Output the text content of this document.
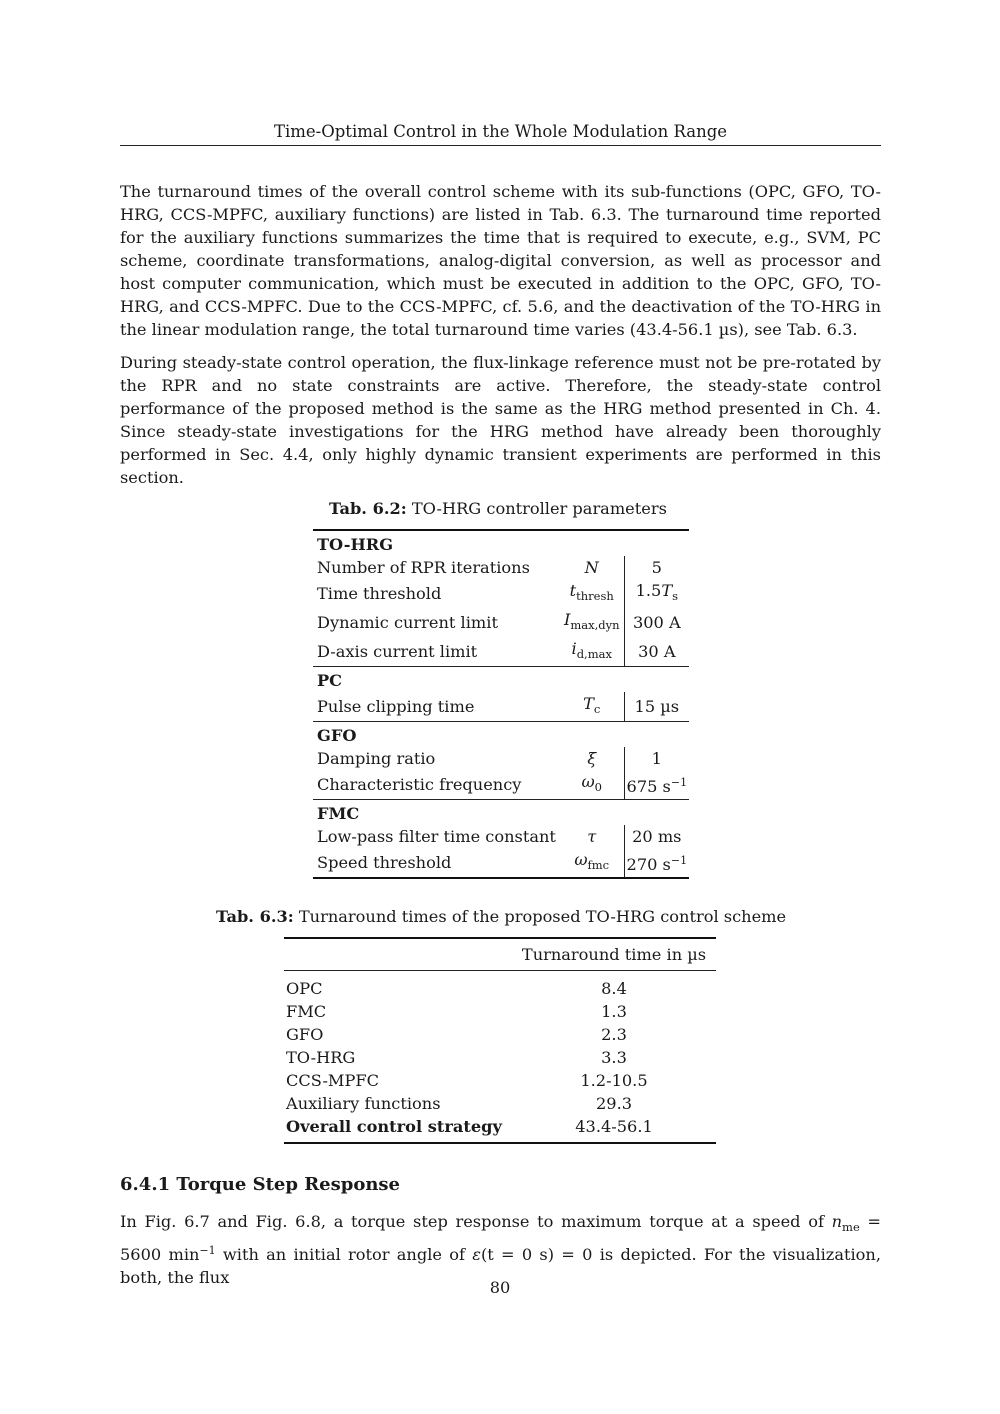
Time-Optimal Control in the Whole Modulation Range

The turnaround times of the overall control scheme with its sub-functions (OPC, GFO, TO-HRG, CCS-MPFC, auxiliary functions) are listed in Tab. 6.3. The turnaround time reported for the auxiliary functions summarizes the time that is required to execute, e.g., SVM, PC scheme, coordinate transformations, analog-digital conversion, as well as processor and host computer communication, which must be executed in addition to the OPC, GFO, TO-HRG, and CCS-MPFC. Due to the CCS-MPFC, cf. 5.6, and the deactivation of the TO-HRG in the linear modulation range, the total turnaround time varies (43.4-56.1 µs), see Tab. 6.3.

During steady-state control operation, the flux-linkage reference must not be pre-rotated by the RPR and no state constraints are active. Therefore, the steady-state control performance of the proposed method is the same as the HRG method presented in Ch. 4. Since steady-state investigations for the HRG method have already been thoroughly performed in Sec. 4.4, only highly dynamic transient experiments are performed in this section.

Tab. 6.2: TO-HRG controller parameters
TO-HRG		
Number of RPR iterations	N	5
Time threshold	$t_{thresh}$	$1.5T_s$
Dynamic current limit	$I_{max,dyn}$	300 A
D-axis current limit	$i_{d,max}$	30 A
PC		
Pulse clipping time	$T_c$	15 µs
GFO		
Damping ratio	ξ	1
Characteristic frequency	$\omega_0$	675 $s^{-1}$
FMC		
Low-pass filter time constant	τ	20 ms
Speed threshold	$\omega_{fmc}$	270 $s^{-1}$
Tab. 6.3: Turnaround times of the proposed TO-HRG control scheme
	Turnaround time in µs
OPC	8.4
FMC	1.3
GFO	2.3
TO-HRG	3.3
CCS-MPFC	1.2-10.5
Auxiliary functions	29.3
Overall control strategy	43.4-56.1
6.4.1 Torque Step Response

In Fig. 6.7 and Fig. 6.8, a torque step response to maximum torque at a speed of $n_{me} = 5600$ $\min^{-1}$ with an initial rotor angle of ε(t = 0 s) = 0 is depicted. For the visualization, both, the flux

80
